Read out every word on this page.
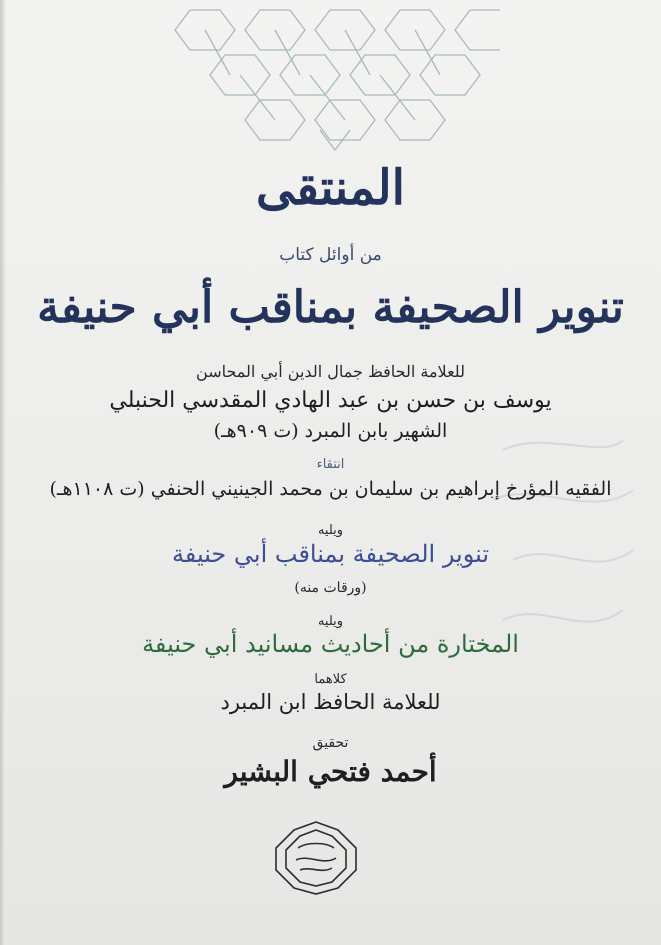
المنتقى
من أوائل كتاب
تنوير الصحيفة بمناقب أبي حنيفة
للعلامة الحافظ جمال الدين أبي المحاسن
يوسف بن حسن بن عبد الهادي المقدسي الحنبلي
الشهير بابن المبرد (ت ٩٠٩هـ)
انتقاء
الفقيه المؤرخ إبراهيم بن سليمان بن محمد الجينيني الحنفي (ت ١١٠٨هـ)
ويليه
تنوير الصحيفة بمناقب أبي حنيفة
(ورقات منه)
ويليه
المختارة من أحاديث مسانيد أبي حنيفة
كلاهما
للعلامة الحافظ ابن المبرد
تحقيق
أحمد فتحي البشير
